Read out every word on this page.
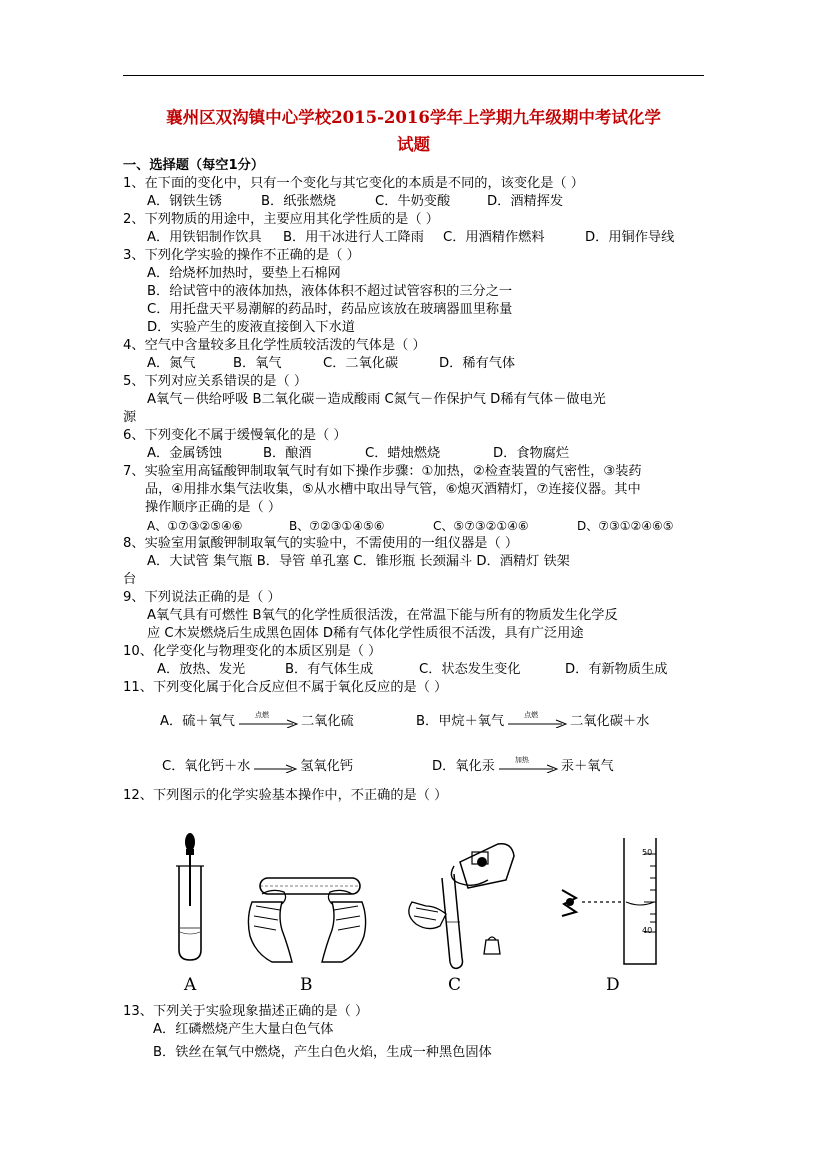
襄州区双沟镇中心学校2015-2016学年上学期九年级期中考试化学
试题
一、选择题（每空1分）
1、在下面的变化中，只有一个变化与其它变化的本质是不同的，该变化是（ ）
A．钢铁生锈	B．纸张燃烧	C．牛奶变酸	D．酒精挥发
2、下列物质的用途中，主要应用其化学性质的是（ ）
A．用铁铝制作饮具	B．用干冰进行人工降雨	C．用酒精作燃料	D．用铜作导线
3、下列化学实验的操作不正确的是（ ）
A．给烧杯加热时，要垫上石棉网
B．给试管中的液体加热，液体体积不超过试管容积的三分之一
C．用托盘天平易潮解的药品时，药品应该放在玻璃器皿里称量
D．实验产生的废液直接倒入下水道
4、空气中含量较多且化学性质较活泼的气体是（ ）
A．氮气	B．氧气	C．二氧化碳	D．稀有气体
5、下列对应关系错误的是（ ）
A氧气－供给呼吸 B二氧化碳－造成酸雨 C氮气－作保护气 D稀有气体－做电光
源
6、下列变化不属于缓慢氧化的是（ ）
A．金属锈蚀	B．酿酒	C．蜡烛燃烧	D．食物腐烂
7、实验室用高锰酸钾制取氧气时有如下操作步骤：①加热，②检查装置的气密性，③装药
品，④用排水集气法收集，⑤从水槽中取出导气管，⑥熄灭酒精灯，⑦连接仪器。其中
操作顺序正确的是（ ）
A、①⑦③②⑤④⑥	B、⑦②③①④⑤⑥	C、⑤⑦③②①④⑥	D、⑦③①②④⑥⑤
8、实验室用氯酸钾制取氧气的实验中，不需使用的一组仪器是（ ）
A．大试管 集气瓶 B．导管 单孔塞 C．锥形瓶 长颈漏斗 D．酒精灯 铁架
台
9、下列说法正确的是（ ）
A氧气具有可燃性 B氧气的化学性质很活泼，在常温下能与所有的物质发生化学反
应 C木炭燃烧后生成黑色固体 D稀有气体化学性质很不活泼，具有广泛用途
10、化学变化与物理变化的本质区别是（ ）
A．放热、发光	B．有气体生成	C．状态发生变化	D．有新物质生成
11、下列变化属于化合反应但不属于氧化反应的是（ ）
A．硫＋氧气	点燃 二氧化硫	B．甲烷＋氧气	点燃 二氧化碳＋水
C．氧化钙＋水 → 氢氧化钙	D．氧化汞	加热 汞＋氧气
12、下列图示的化学实验基本操作中，不正确的是（ ）
A	B	C
50
40
D
13、下列关于实验现象描述正确的是（ ）
A．红磷燃烧产生大量白色气体
B．铁丝在氧气中燃烧，产生白色火焰，生成一种黑色固体
